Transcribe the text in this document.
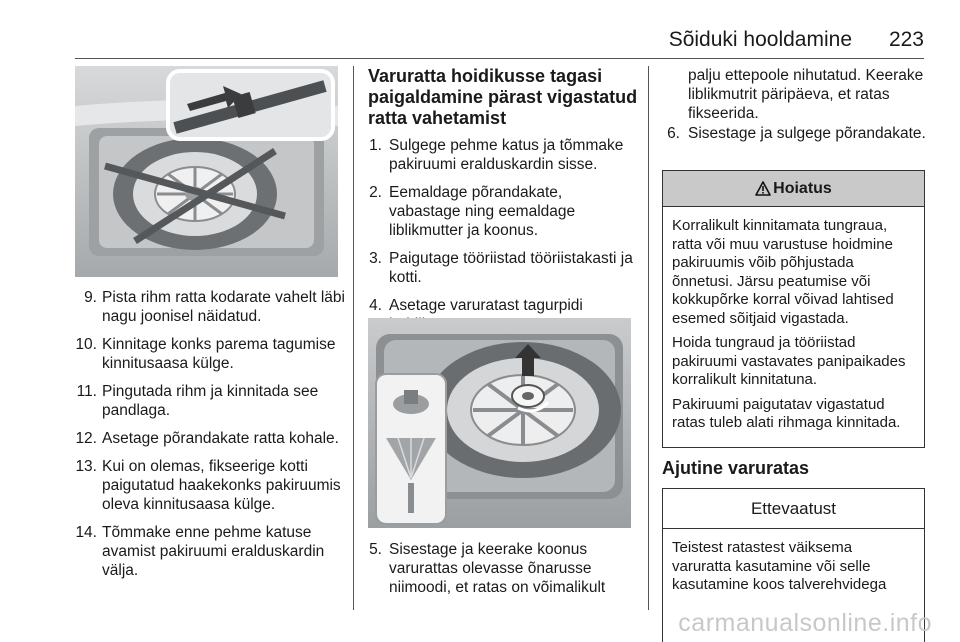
Sõiduki hooldamine 223
9. Pista rihm ratta kodarate vahelt läbi nagu joonisel näidatud.
10. Kinnitage konks parema tagumise kinnitusaasa külge.
11. Pingutada rihm ja kinnitada see pandlaga.
12. Asetage põrandakate ratta kohale.
13. Kui on olemas, fikseerige kotti paigutatud haakekonks pakiruumis oleva kinnitusaasa külge.
14. Tõmmake enne pehme katuse avamist pakiruumi eralduskardin välja.
Varuratta hoidikusse tagasi paigaldamine pärast vigastatud ratta vahetamist
1. Sulgege pehme katus ja tõmmake pakiruumi eralduskardin sisse.
2. Eemaldage põrandakate, vabastage ning eemaldage liblikmutter ja koonus.
3. Paigutage tööriistad tööriistakasti ja kotti.
4. Asetage varuratast tagurpidi
5. Sisestage ja keerake koonus varurattas olevasse õnarusse niimoodi, et ratas on võimalikult
palju ettepoole nihutatud. Keerake liblikmutrit päripäeva, et ratas fikseerida.
6. Sisestage ja sulgege põrandakate.
Hoiatus

Korralikult kinnitamata tungraua, ratta või muu varustuse hoidmine pakiruumis võib põhjustada õnnetusi. Järsu peatumise või kokkupõrke korral võivad lahtised esemed sõitjaid vigastada.

Hoida tungraud ja tööriistad pakiruumi vastavates panipaikades korralikult kinnitatuna.

Pakiruumi paigutatav vigastatud ratas tuleb alati rihmaga kinnitada.

Ajutine varuratas
Ettevaatust

Teistest ratastest väiksema varuratta kasutamine või selle kasutamine koos talverehvidega

carmanualsonline.info
